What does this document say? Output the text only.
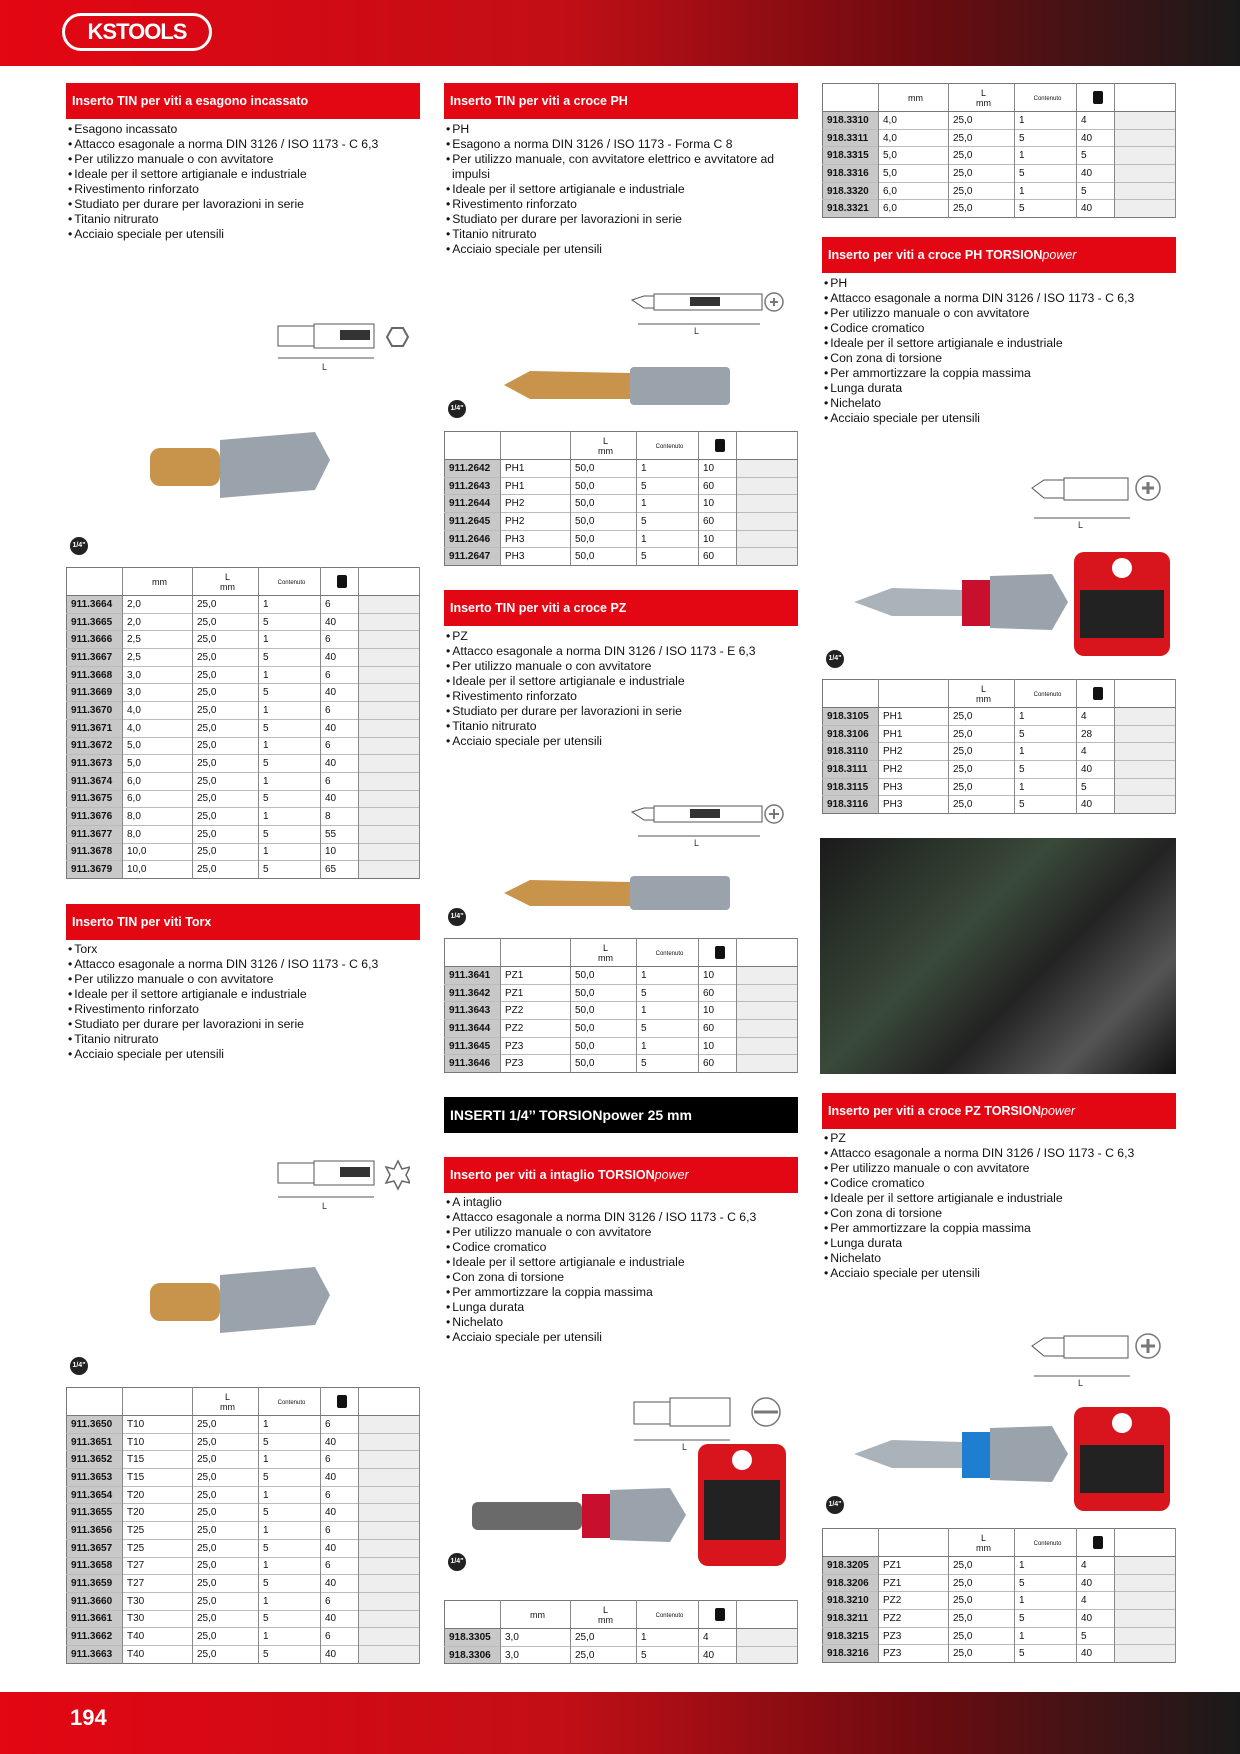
KSTOOLS
194
Inserto TIN per viti a esagono incassato
Inserto TIN per viti Torx
Inserto TIN per viti a croce PH
Inserto TIN per viti a croce PZ
INSERTI 1/4’’ TORSIONpower 25 mm
Inserto per viti a intaglio TORSIONpower
Inserto per viti a croce PH TORSIONpower
Inserto per viti a croce PZ TORSIONpower
• Esagono incassato
• Attacco esagonale a norma DIN 3126 / ISO 1173 - C 6,3
• Per utilizzo manuale o con avvitatore
• Ideale per il settore artigianale e industriale
• Rivestimento rinforzato
• Studiato per durare per lavorazioni in serie
• Titanio nitrurato
• Acciaio speciale per utensili
• Torx
• Attacco esagonale a norma DIN 3126 / ISO 1173 - C 6,3
• Per utilizzo manuale o con avvitatore
• Ideale per il settore artigianale e industriale
• Rivestimento rinforzato
• Studiato per durare per lavorazioni in serie
• Titanio nitrurato
• Acciaio speciale per utensili
• PH
• Esagono a norma DIN 3126 / ISO 1173 - Forma C 8
• Per utilizzo manuale, con avvitatore elettrico e avvitatore ad impulsi
• Ideale per il settore artigianale e industriale
• Rivestimento rinforzato
• Studiato per durare per lavorazioni in serie
• Titanio nitrurato
• Acciaio speciale per utensili
• PZ
• Attacco esagonale a norma DIN 3126 / ISO 1173 - E 6,3
• Per utilizzo manuale o con avvitatore
• Ideale per il settore artigianale e industriale
• Rivestimento rinforzato
• Studiato per durare per lavorazioni in serie
• Titanio nitrurato
• Acciaio speciale per utensili
• A intaglio
• Attacco esagonale a norma DIN 3126 / ISO 1173 - C 6,3
• Per utilizzo manuale o con avvitatore
• Codice cromatico
• Ideale per il settore artigianale e industriale
• Con zona di torsione
• Per ammortizzare la coppia massima
• Lunga durata
• Nichelato
• Acciaio speciale per utensili
• PH
• Attacco esagonale a norma DIN 3126 / ISO 1173 - C 6,3
• Per utilizzo manuale o con avvitatore
• Codice cromatico
• Ideale per il settore artigianale e industriale
• Con zona di torsione
• Per ammortizzare la coppia massima
• Lunga durata
• Nichelato
• Acciaio speciale per utensili
• PZ
• Attacco esagonale a norma DIN 3126 / ISO 1173 - C 6,3
• Per utilizzo manuale o con avvitatore
• Codice cromatico
• Ideale per il settore artigianale e industriale
• Con zona di torsione
• Per ammortizzare la coppia massima
• Lunga durata
• Nichelato
• Acciaio speciale per utensili
L
1/4"
L
1/4"
L
1/4"
L
1/4"
L
1/4"
L
1/4"
L
1/4"
	mm	L
mm	Contenuto		
911.3664	2,0	25,0	1	6	
911.3665	2,0	25,0	5	40	
911.3666	2,5	25,0	1	6	
911.3667	2,5	25,0	5	40	
911.3668	3,0	25,0	1	6	
911.3669	3,0	25,0	5	40	
911.3670	4,0	25,0	1	6	
911.3671	4,0	25,0	5	40	
911.3672	5,0	25,0	1	6	
911.3673	5,0	25,0	5	40	
911.3674	6,0	25,0	1	6	
911.3675	6,0	25,0	5	40	
911.3676	8,0	25,0	1	8	
911.3677	8,0	25,0	5	55	
911.3678	10,0	25,0	1	10	
911.3679	10,0	25,0	5	65	
		L
mm	Contenuto		
911.3650	T10	25,0	1	6	
911.3651	T10	25,0	5	40	
911.3652	T15	25,0	1	6	
911.3653	T15	25,0	5	40	
911.3654	T20	25,0	1	6	
911.3655	T20	25,0	5	40	
911.3656	T25	25,0	1	6	
911.3657	T25	25,0	5	40	
911.3658	T27	25,0	1	6	
911.3659	T27	25,0	5	40	
911.3660	T30	25,0	1	6	
911.3661	T30	25,0	5	40	
911.3662	T40	25,0	1	6	
911.3663	T40	25,0	5	40	
		L
mm	Contenuto		
911.2642	PH1	50,0	1	10	
911.2643	PH1	50,0	5	60	
911.2644	PH2	50,0	1	10	
911.2645	PH2	50,0	5	60	
911.2646	PH3	50,0	1	10	
911.2647	PH3	50,0	5	60	
		L
mm	Contenuto		
911.3641	PZ1	50,0	1	10	
911.3642	PZ1	50,0	5	60	
911.3643	PZ2	50,0	1	10	
911.3644	PZ2	50,0	5	60	
911.3645	PZ3	50,0	1	10	
911.3646	PZ3	50,0	5	60	
	mm	L
mm	Contenuto		
918.3305	3,0	25,0	1	4	
918.3306	3,0	25,0	5	40	
	mm	L
mm	Contenuto		
918.3310	4,0	25,0	1	4	
918.3311	4,0	25,0	5	40	
918.3315	5,0	25,0	1	5	
918.3316	5,0	25,0	5	40	
918.3320	6,0	25,0	1	5	
918.3321	6,0	25,0	5	40	
		L
mm	Contenuto		
918.3105	PH1	25,0	1	4	
918.3106	PH1	25,0	5	28	
918.3110	PH2	25,0	1	4	
918.3111	PH2	25,0	5	40	
918.3115	PH3	25,0	1	5	
918.3116	PH3	25,0	5	40	
		L
mm	Contenuto		
918.3205	PZ1	25,0	1	4	
918.3206	PZ1	25,0	5	40	
918.3210	PZ2	25,0	1	4	
918.3211	PZ2	25,0	5	40	
918.3215	PZ3	25,0	1	5	
918.3216	PZ3	25,0	5	40	
